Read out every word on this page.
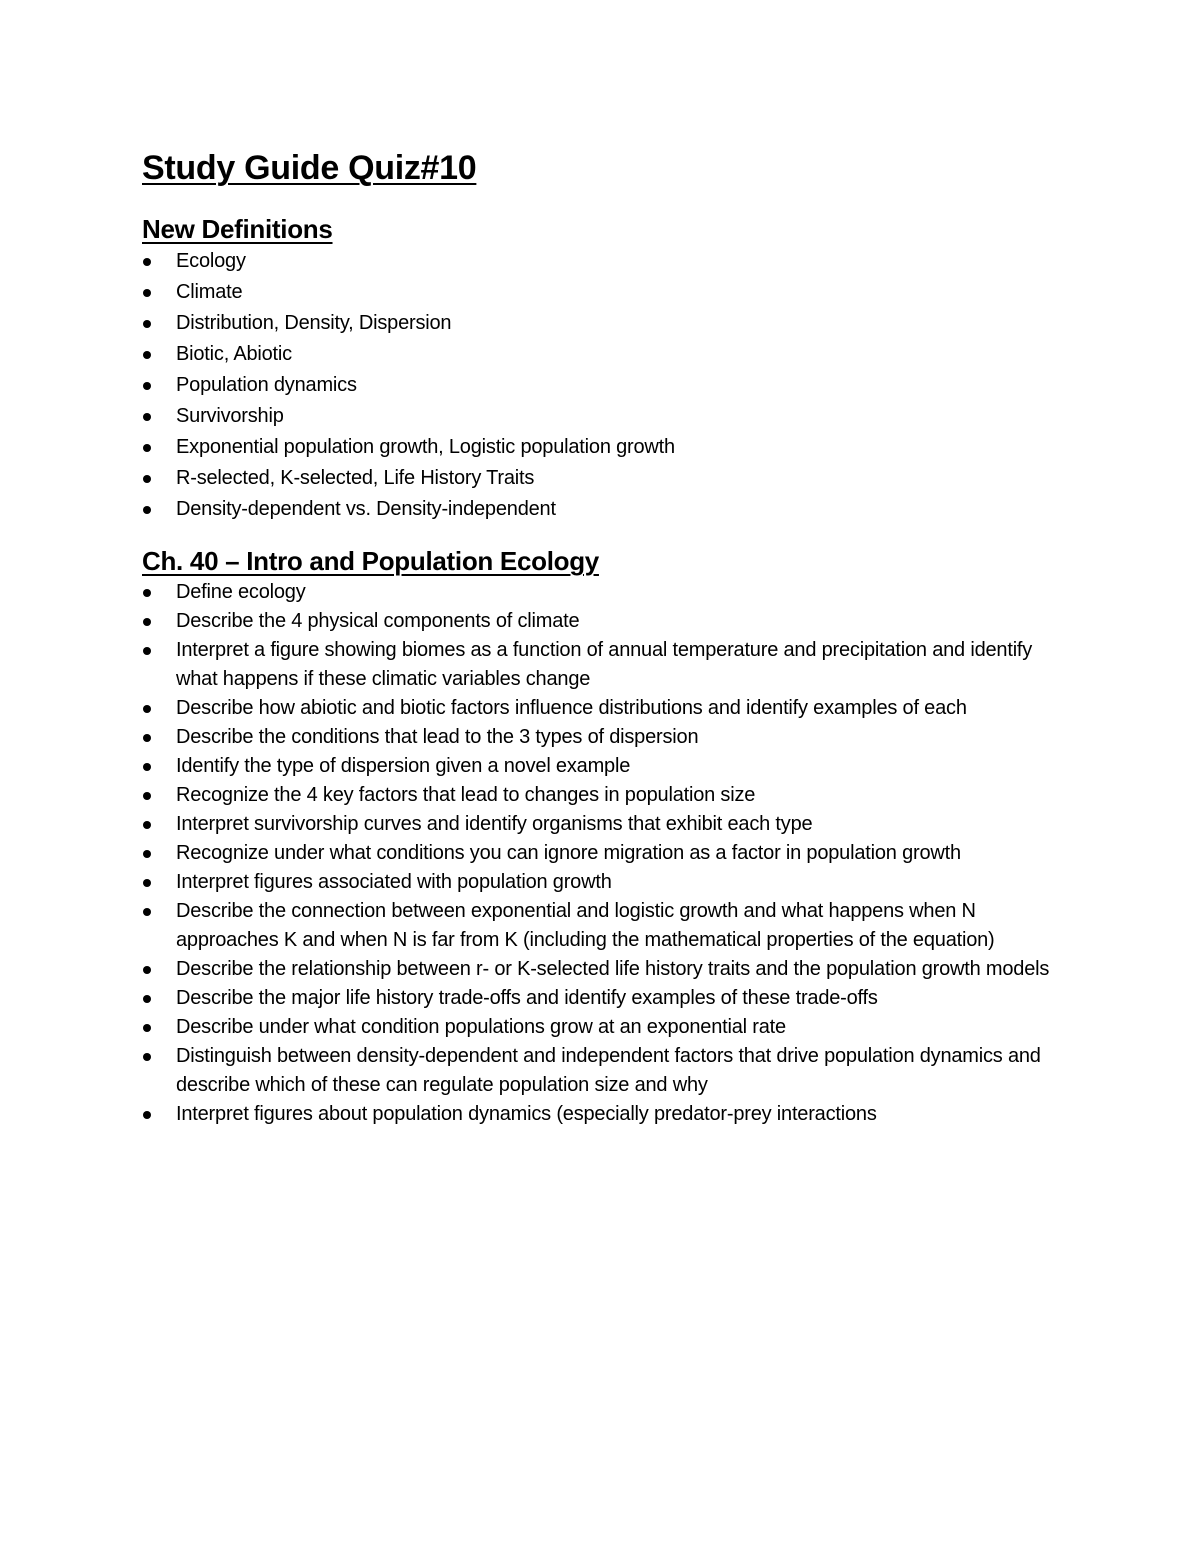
Study Guide Quiz#10
New Definitions
Ecology
Climate
Distribution, Density, Dispersion
Biotic, Abiotic
Population dynamics
Survivorship
Exponential population growth, Logistic population growth
R-selected, K-selected, Life History Traits
Density-dependent vs. Density-independent
Ch. 40 – Intro and Population Ecology
Define ecology
Describe the 4 physical components of climate
Interpret a figure showing biomes as a function of annual temperature and precipitation and identify what happens if these climatic variables change
Describe how abiotic and biotic factors influence distributions and identify examples of each
Describe the conditions that lead to the 3 types of dispersion
Identify the type of dispersion given a novel example
Recognize the 4 key factors that lead to changes in population size
Interpret survivorship curves and identify organisms that exhibit each type
Recognize under what conditions you can ignore migration as a factor in population growth
Interpret figures associated with population growth
Describe the connection between exponential and logistic growth and what happens when N approaches K and when N is far from K (including the mathematical properties of the equation)
Describe the relationship between r- or K-selected life history traits and the population growth models
Describe the major life history trade-offs and identify examples of these trade-offs
Describe under what condition populations grow at an exponential rate
Distinguish between density-dependent and independent factors that drive population dynamics and describe which of these can regulate population size and why
Interpret figures about population dynamics (especially predator-prey interactions
